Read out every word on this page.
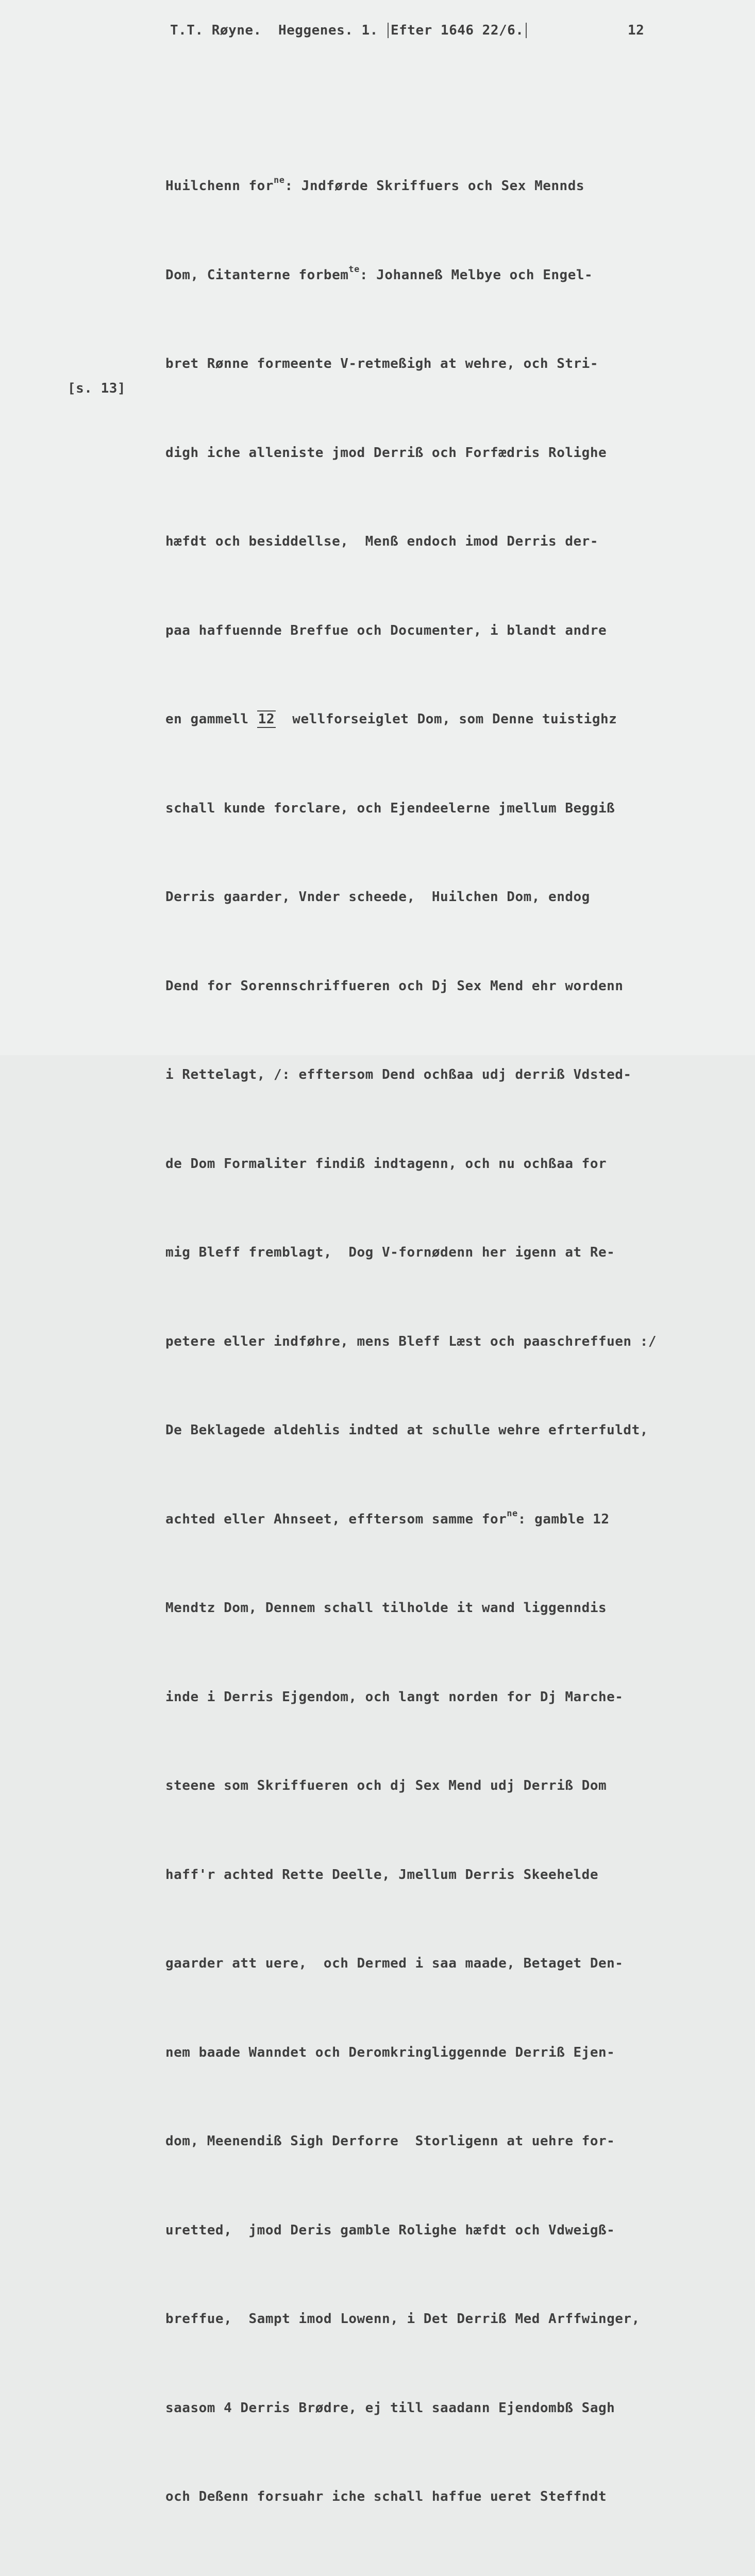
T.T. Røyne. Heggenes. 1. Efter 1646 22/6.	12
[s. 13]

Huilchenn for$^{ne}$: Jndførde Skriffuers och Sex Mennds

Dom, Citanterne forbem$^{te}$: Johanneß Melbye och Engel-

bret Rønne formeente V-retmeßigh at wehre, och Stri-

digh iche alleniste jmod Derriß och Forfædris Rolighe

hæfdt och besiddellse,  Menß endoch imod Derris der-

paa haffuennde Breffue och Documenter, i blandt andre

en gammell 12  wellforseiglet Dom, som Denne tuistighz

schall kunde forclare, och Ejendeelerne jmellum Beggiß

Derris gaarder, Vnder scheede,  Huilchen Dom, endog

Dend for Sorennschriffueren och Dj Sex Mend ehr wordenn

i Rettelagt, /: efftersom Dend ochßaa udj derriß Vdsted-

de Dom Formaliter findiß indtagenn, och nu ochßaa for

mig Bleff fremblagt,  Dog V-fornødenn her igenn at Re-

petere eller indføhre, mens Bleff Læst och paaschreffuen :/

De Beklagede aldehlis indted at schulle wehre efrterfuldt,

achted eller Ahnseet, efftersom samme for$^{ne}$: gamble 12

Mendtz Dom, Dennem schall tilholde it wand liggenndis

inde i Derris Ejgendom, och langt norden for Dj Marche-

steene som Skriffueren och dj Sex Mend udj Derriß Dom

haff'r achted Rette Deelle, Jmellum Derris Skeehelde

gaarder att uere,  och Dermed i saa maade, Betaget Den-

nem baade Wanndet och Deromkringliggennde Derriß Ejen-

dom, Meenendiß Sigh Derforre  Storligenn at uehre for-

uretted,  jmod Deris gamble Rolighe hæfdt och Vdweigß-

breffue,  Sampt imod Lowenn, i Det Derriß Med Arffwinger,

saasom 4 Derris Brødre, ej till saadann Ejendombß Sagh

och Deßenn forsuahr iche schall haffue ueret Steffndt
